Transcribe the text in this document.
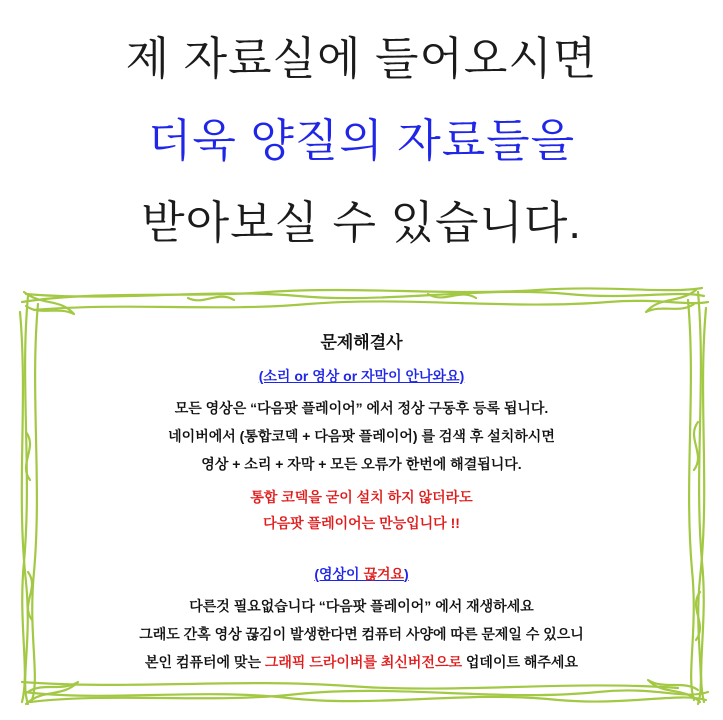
제 자료실에 들어오시면
더욱 양질의 자료들을
받아보실 수 있습니다.
문제해결사
(소리 or 영상 or 자막이 안나와요)

모든 영상은 “다음팟 플레이어” 에서 정상 구동후 등록 됩니다.

네이버에서 (통합코덱 + 다음팟 플레이어) 를 검색 후 설치하시면

영상 + 소리 + 자막 + 모든 오류가 한번에 해결됩니다.

통합 코덱을 굳이 설치 하지 않더라도

다음팟 플레이어는 만능입니다 !!

(영상이 끊겨요)

다른것 필요없습니다 “다음팟 플레이어” 에서 재생하세요

그래도 간혹 영상 끊김이 발생한다면 컴퓨터 사양에 따른 문제일 수 있으니

본인 컴퓨터에 맞는 그래픽 드라이버를 최신버전으로 업데이트 해주세요
